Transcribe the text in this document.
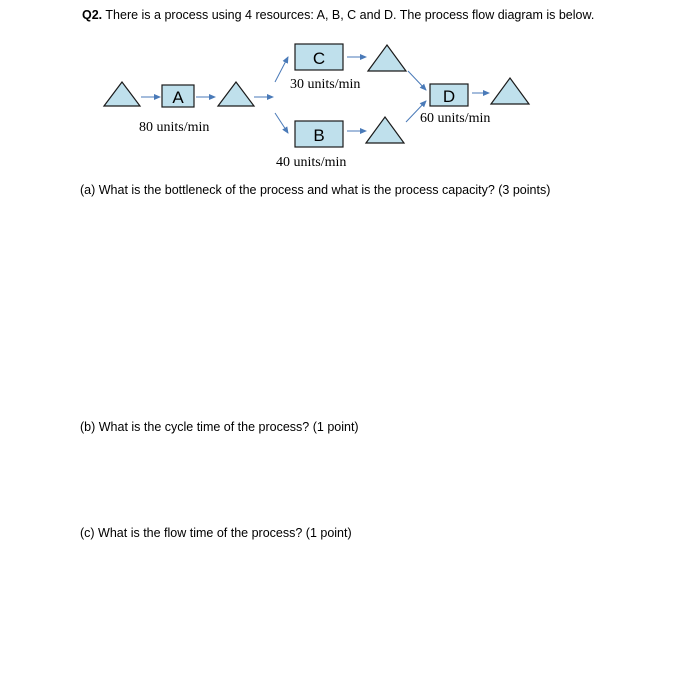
Q2. There is a process using 4 resources: A, B, C and D. The process flow diagram is below.
A
80 units/min
C
30 units/min
B
40 units/min
D
60 units/min
(a) What is the bottleneck of the process and what is the process capacity? (3 points)
(b) What is the cycle time of the process? (1 point)
(c) What is the flow time of the process? (1 point)
